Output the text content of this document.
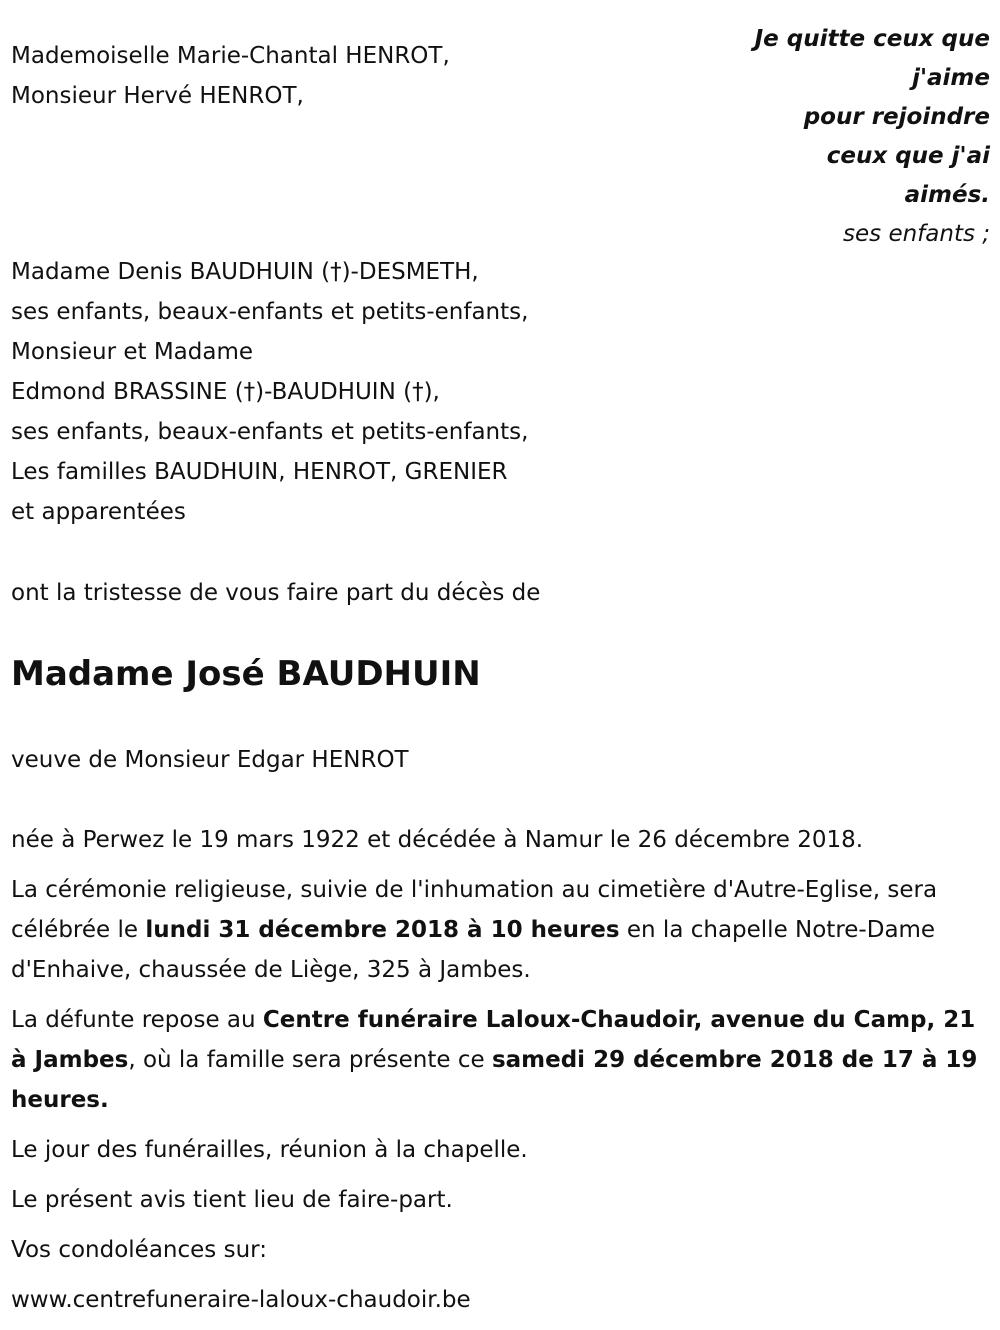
Mademoiselle Marie-Chantal HENROT,
Monsieur Hervé HENROT,
Je quitte ceux que
j'aime
pour rejoindre
ceux que j'ai
aimés.
ses enfants ;
Madame Denis BAUDHUIN (†)-DESMETH,
ses enfants, beaux-enfants et petits-enfants,
Monsieur et Madame
Edmond BRASSINE (†)-BAUDHUIN (†),
ses enfants, beaux-enfants et petits-enfants,
Les familles BAUDHUIN, HENROT, GRENIER
et apparentées
ont la tristesse de vous faire part du décès de
Madame José BAUDHUIN
veuve de Monsieur Edgar HENROT

née à Perwez le 19 mars 1922 et décédée à Namur le 26 décembre 2018.

La cérémonie religieuse, suivie de l'inhumation au cimetière d'Autre-Eglise, sera célébrée le lundi 31 décembre 2018 à 10 heures en la chapelle Notre-Dame d'Enhaive, chaussée de Liège, 325 à Jambes.

La défunte repose au Centre funéraire Laloux-Chaudoir, avenue du Camp, 21 à Jambes, où la famille sera présente ce samedi 29 décembre 2018 de 17 à 19 heures.

Le jour des funérailles, réunion à la chapelle.

Le présent avis tient lieu de faire-part.

Vos condoléances sur:

www.centrefuneraire-laloux-chaudoir.be
